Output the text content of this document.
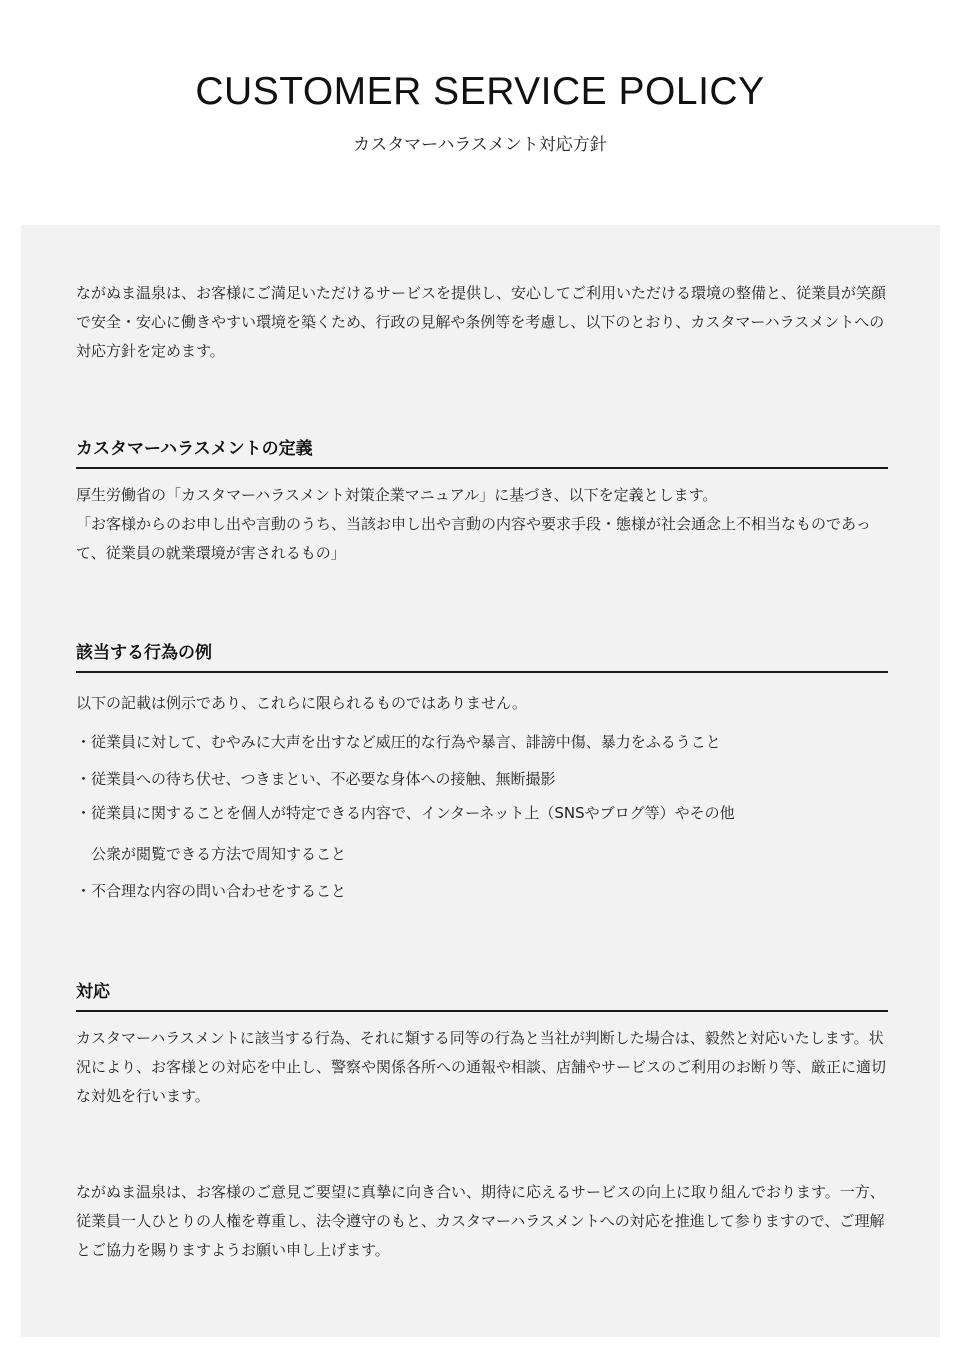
CUSTOMER SERVICE POLICY

カスタマーハラスメント対応方針

ながぬま温泉は、お客様にご満足いただけるサービスを提供し、安心してご利用いただける環境の整備と、従業員が笑顔で安全・安心に働きやすい環境を築くため、行政の見解や条例等を考慮し、以下のとおり、カスタマーハラスメントへの対応方針を定めます。

カスタマーハラスメントの定義

厚生労働省の「カスタマーハラスメント対策企業マニュアル」に基づき、以下を定義とします。

「お客様からのお申し出や言動のうち、当該お申し出や言動の内容や要求手段・態様が社会通念上不相当なものであって、従業員の就業環境が害されるもの」

該当する行為の例

以下の記載は例示であり、これらに限られるものではありません。

・従業員に対して、むやみに大声を出すなど威圧的な行為や暴言、誹謗中傷、暴力をふるうこと

・従業員への待ち伏せ、つきまとい、不必要な身体への接触、無断撮影

・従業員に関することを個人が特定できる内容で、インターネット上（SNSやブログ等）やその他

公衆が閲覧できる方法で周知すること

・不合理な内容の問い合わせをすること

対応

カスタマーハラスメントに該当する行為、それに類する同等の行為と当社が判断した場合は、毅然と対応いたします。状況により、お客様との対応を中止し、警察や関係各所への通報や相談、店舗やサービスのご利用のお断り等、厳正に適切な対処を行います。

ながぬま温泉は、お客様のご意見ご要望に真摯に向き合い、期待に応えるサービスの向上に取り組んでおります。一方、従業員一人ひとりの人権を尊重し、法令遵守のもと、カスタマーハラスメントへの対応を推進して参りますので、ご理解とご協力を賜りますようお願い申し上げます。
